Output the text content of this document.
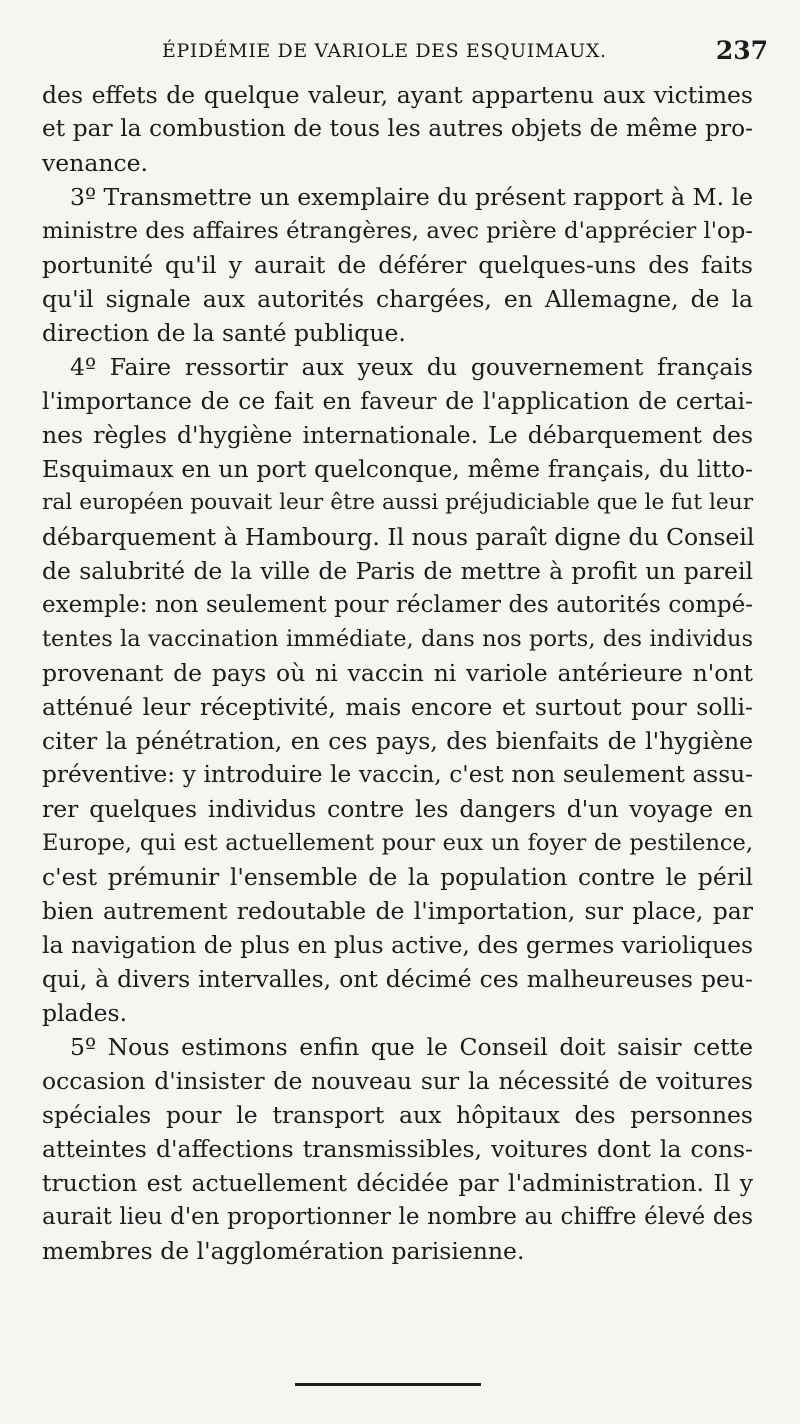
ÉPIDÉMIE DE VARIOLE DES ESQUIMAUX.	237
des effets de quelque valeur, ayant appartenu aux victimes
et par la combustion de tous les autres objets de même pro-
venance.
3º Transmettre un exemplaire du présent rapport à M. le
ministre des affaires étrangères, avec prière d'apprécier l'op-
portunité qu'il y aurait de déférer quelques-uns des faits
qu'il signale aux autorités chargées, en Allemagne, de la
direction de la santé publique.
4º Faire ressortir aux yeux du gouvernement français
l'importance de ce fait en faveur de l'application de certai-
nes règles d'hygiène internationale. Le débarquement des
Esquimaux en un port quelconque, même français, du litto-
ral européen pouvait leur être aussi préjudiciable que le fut leur
débarquement à Hambourg. Il nous paraît digne du Conseil
de salubrité de la ville de Paris de mettre à profit un pareil
exemple: non seulement pour réclamer des autorités compé-
tentes la vaccination immédiate, dans nos ports, des individus
provenant de pays où ni vaccin ni variole antérieure n'ont
atténué leur réceptivité, mais encore et surtout pour solli-
citer la pénétration, en ces pays, des bienfaits de l'hygiène
préventive: y introduire le vaccin, c'est non seulement assu-
rer quelques individus contre les dangers d'un voyage en
Europe, qui est actuellement pour eux un foyer de pestilence,
c'est prémunir l'ensemble de la population contre le péril
bien autrement redoutable de l'importation, sur place, par
la navigation de plus en plus active, des germes varioliques
qui, à divers intervalles, ont décimé ces malheureuses peu-
plades.
5º Nous estimons enfin que le Conseil doit saisir cette
occasion d'insister de nouveau sur la nécessité de voitures
spéciales pour le transport aux hôpitaux des personnes
atteintes d'affections transmissibles, voitures dont la cons-
truction est actuellement décidée par l'administration. Il y
aurait lieu d'en proportionner le nombre au chiffre élevé des
membres de l'agglomération parisienne.
